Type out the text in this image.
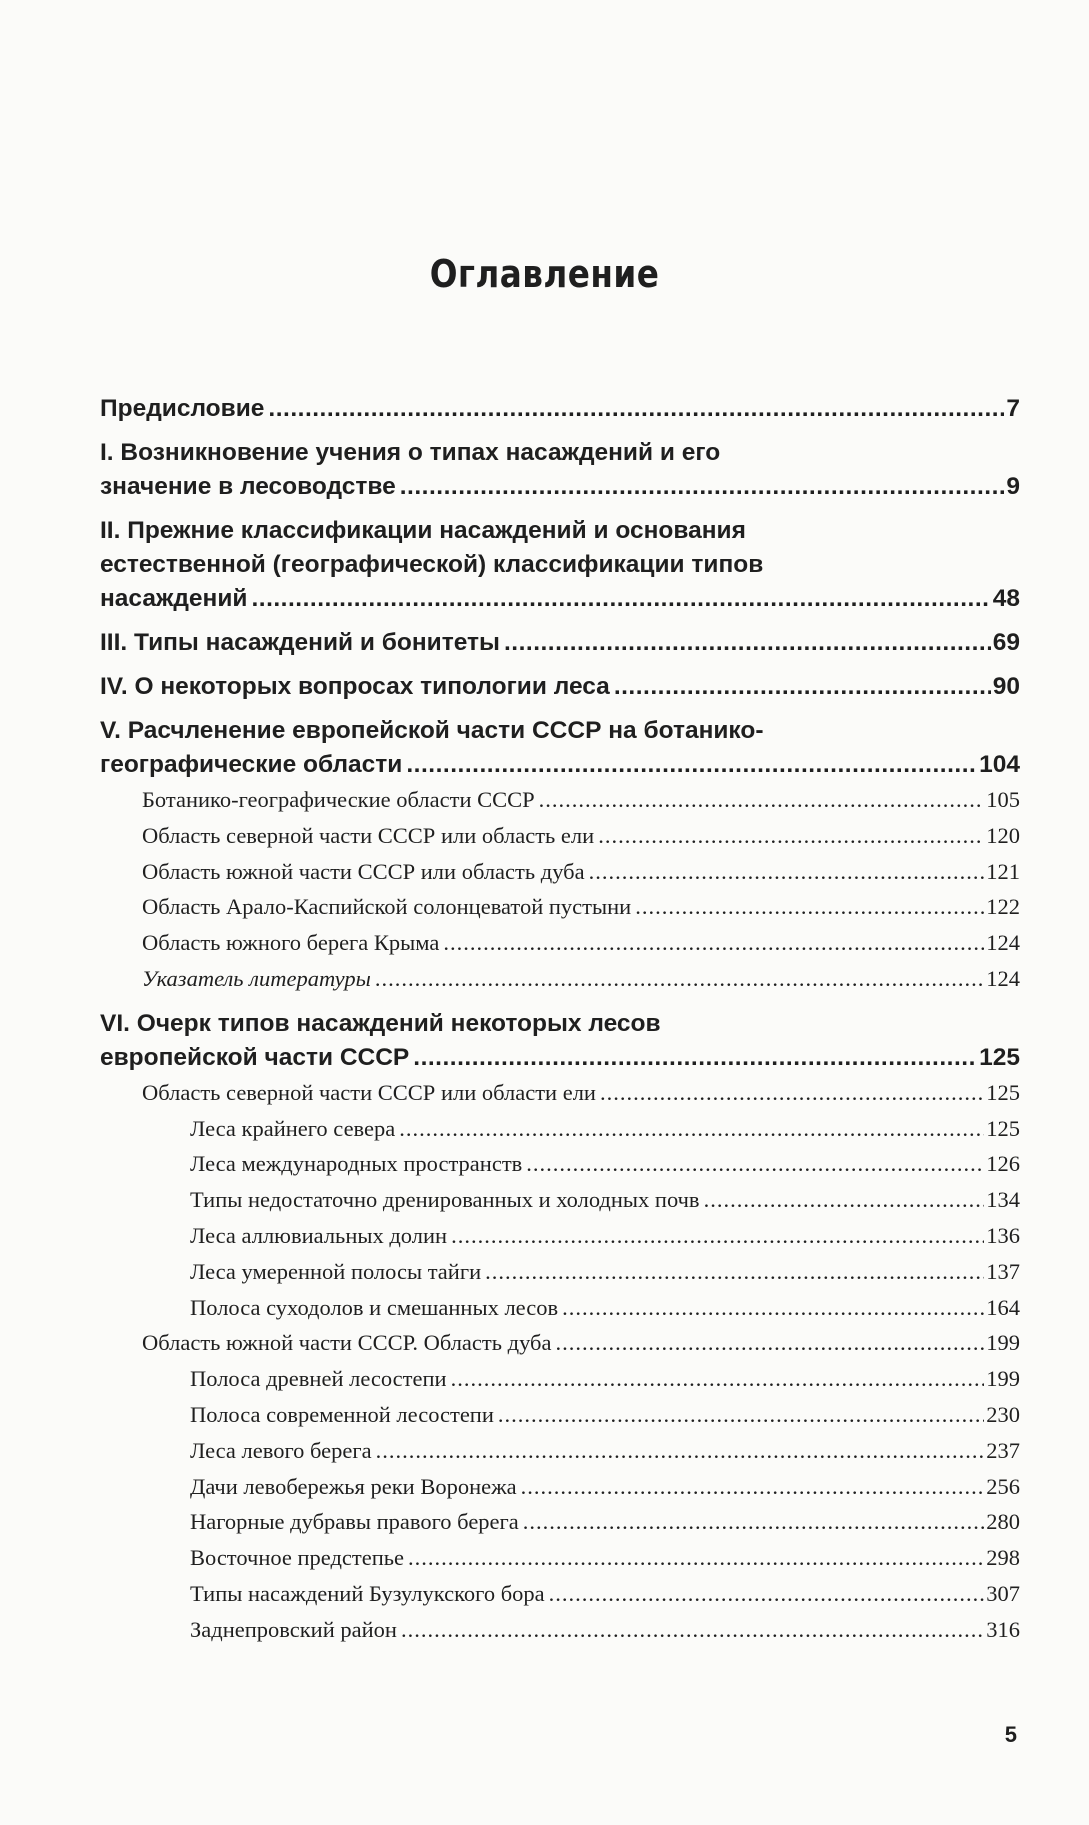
Оглавление
Предисловие .....	7
I. Возникновение учения о типах насаждений и его
значение в лесоводстве .....	9
II. Прежние классификации насаждений и основания
естественной (географической) классификации типов
насаждений .....	48
III. Типы насаждений и бонитеты .....	69
IV. О некоторых вопросах типологии леса .....	90
V. Расчленение европейской части СССР на ботанико-
географические области .....	104
Ботанико-географические области СССР .....	105
Область северной части СССР или область ели .....	120
Область южной части СССР или область дуба .....	121
Область Арало-Каспийской солонцеватой пустыни .....	122
Область южного берега Крыма .....	124
Указатель литературы .....	124
VI. Очерк типов насаждений некоторых лесов
европейской части СССР .....	125
Область северной части СССР или области ели .....	125
Леса крайнего севера .....	125
Леса международных пространств .....	126
Типы недостаточно дренированных и холодных почв .....	134
Леса аллювиальных долин .....	136
Леса умеренной полосы тайги .....	137
Полоса суходолов и смешанных лесов .....	164
Область южной части СССР. Область дуба .....	199
Полоса древней лесостепи .....	199
Полоса современной лесостепи .....	230
Леса левого берега .....	237
Дачи левобережья реки Воронежа .....	256
Нагорные дубравы правого берега .....	280
Восточное предстепье .....	298
Типы насаждений Бузулукского бора .....	307
Заднепровский район .....	316
5
